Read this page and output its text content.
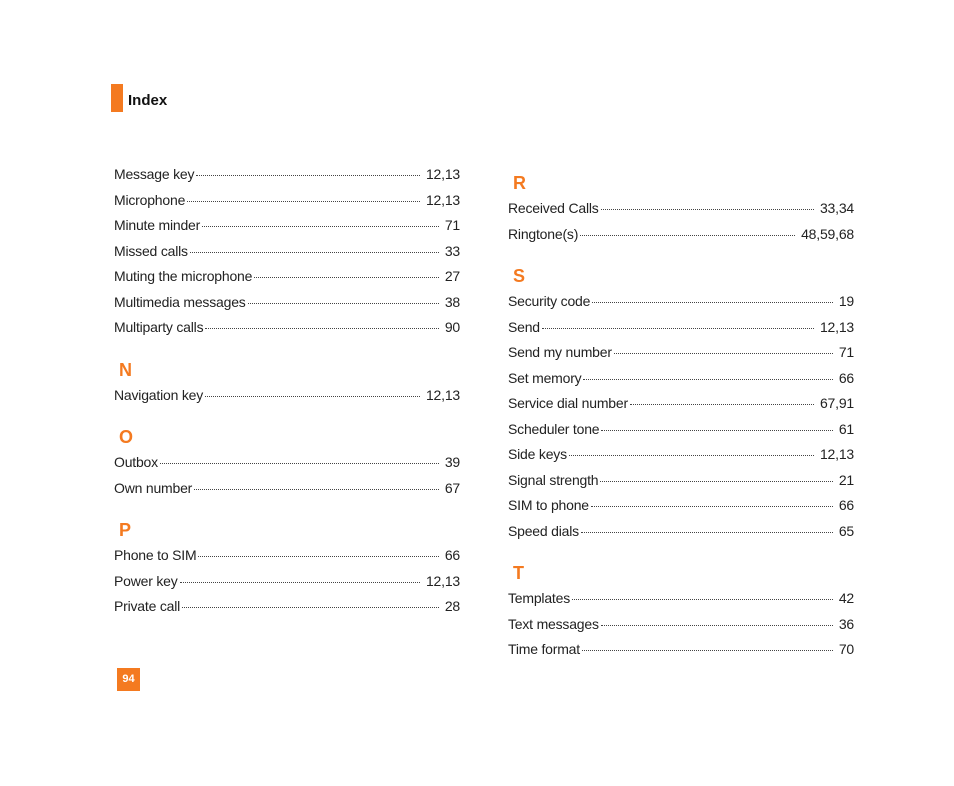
Index
Message key	12,13
Microphone	12,13
Minute minder	71
Missed calls	33
Muting the microphone	27
Multimedia messages	38
Multiparty calls	90
N
Navigation key	12,13
O
Outbox	39
Own number	67
P
Phone to SIM	66
Power key	12,13
Private call	28
R
Received Calls	33,34
Ringtone(s)	48,59,68
S
Security code	19
Send	12,13
Send my number	71
Set memory	66
Service dial number	67,91
Scheduler tone	61
Side keys	12,13
Signal strength	21
SIM to phone	66
Speed dials	65
T
Templates	42
Text messages	36
Time format	70
94
